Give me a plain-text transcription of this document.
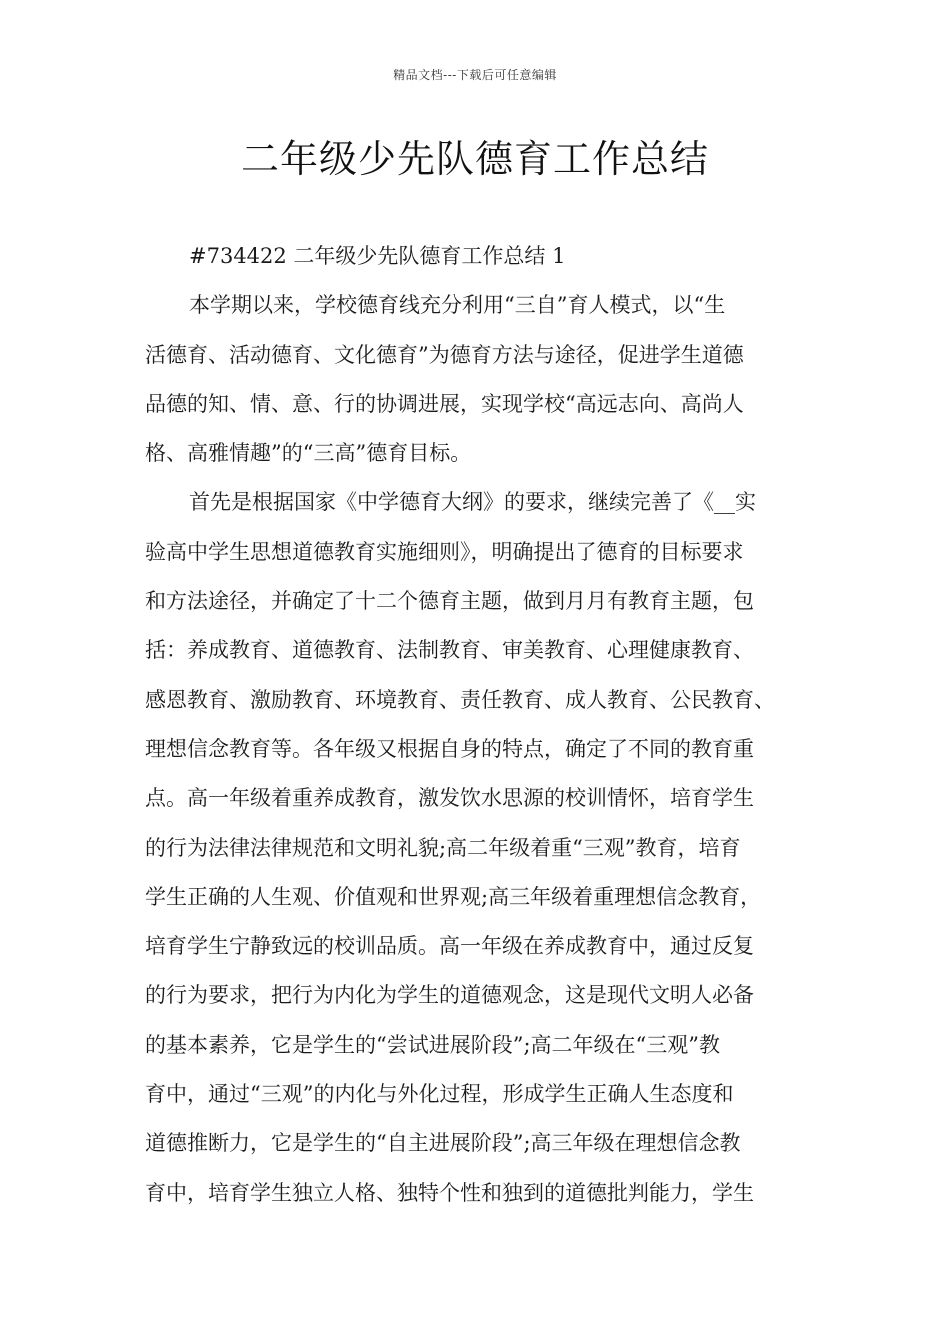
精品文档---下载后可任意编辑
二年级少先队德育工作总结
#734422 二年级少先队德育工作总结 1
本学期以来，学校德育线充分利用“三自”育人模式，以“生
活德育、活动德育、文化德育”为德育方法与途径，促进学生道德
品德的知、情、意、行的协调进展，实现学校“高远志向、高尚人
格、高雅情趣”的“三高”德育目标。
首先是根据国家《中学德育大纲》的要求，继续完善了《__实
验高中学生思想道德教育实施细则》，明确提出了德育的目标要求
和方法途径，并确定了十二个德育主题，做到月月有教育主题，包
括：养成教育、道德教育、法制教育、审美教育、心理健康教育、
感恩教育、激励教育、环境教育、责任教育、成人教育、公民教育、
理想信念教育等。各年级又根据自身的特点，确定了不同的教育重
点。高一年级着重养成教育，激发饮水思源的校训情怀，培育学生
的行为法律法律规范和文明礼貌;高二年级着重“三观”教育，培育
学生正确的人生观、价值观和世界观;高三年级着重理想信念教育，
培育学生宁静致远的校训品质。高一年级在养成教育中，通过反复
的行为要求，把行为内化为学生的道德观念，这是现代文明人必备
的基本素养，它是学生的“尝试进展阶段”;高二年级在“三观”教
育中，通过“三观”的内化与外化过程，形成学生正确人生态度和
道德推断力，它是学生的“自主进展阶段”;高三年级在理想信念教
育中，培育学生独立人格、独特个性和独到的道德批判能力，学生
